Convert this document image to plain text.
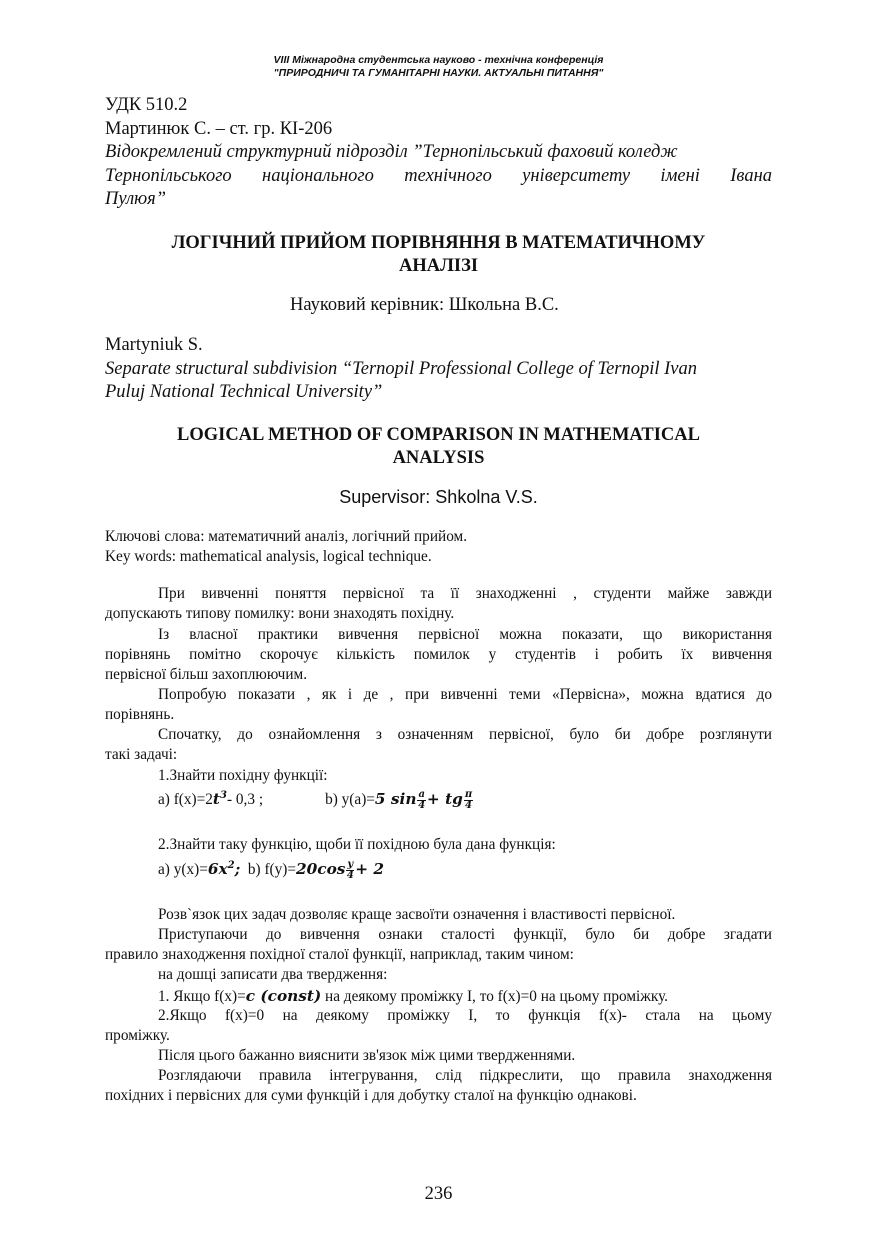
VIII Міжнародна студентська науково - технічна конференція
"ПРИРОДНИЧІ ТА ГУМАНІТАРНІ НАУКИ. АКТУАЛЬНІ ПИТАННЯ"
УДК 510.2
Мартинюк С. – ст. гр. КІ-206
Відокремлений структурний підрозділ ”Тернопільський фаховий коледж
Тернопільського національного технічного університету імені Івана
Пулюя”
ЛОГІЧНИЙ ПРИЙОМ ПОРІВНЯННЯ В МАТЕМАТИЧНОМУ
АНАЛІЗІ
Науковий керівник: Школьна В.С.
Martyniuk S.
Separate structural subdivision “Ternopil Professional College of Ternopil Ivan
Puluj National Technical University”
LOGICAL METHOD OF COMPARISON IN MATHEMATICAL
ANALYSIS
Supervisor: Shkolna V.S.
Ключові слова: математичний аналіз, логічний прийом.
Key words: mathematical analysis, logical technique.
При вивченні поняття первісної та її знаходженні , студенти майже завжди
допускають типову помилку: вони знаходять похідну.
Із власної практики вивчення первісної можна показати, що використання
порівнянь помітно скорочує кількість помилок у студентів і робить їх вивчення
первісної більш захоплюючим.
Попробую показати , як і де , при вивченні теми «Первісна», можна вдатися до
порівнянь.
Спочатку, до ознайомлення з означенням первісної, було би добре розглянути
такі задачі:
1.Знайти похідну функції:
a) $f(x)=2t^3-$ 0,3 ;	b) y(a)=5 $\sin \frac{a}{4}$ + tg $\frac{\pi}{4}$
2.Знайти таку функцію, щоби її похідною була дана функція:
a) $y(x)=6x^2$; b) $f(y)=20\cos \frac{y}{4} + 2$
Розв`язок цих задач дозволяє краще засвоїти означення і властивості первісної.
Приступаючи до вивчення ознаки сталості функції, було би добре згадати
правило знаходження похідної сталої функції, наприклад, таким чином:
на дошці записати два твердження:
1. Якщо f(x)=c (const) на деякому проміжку I, то f(x)=0 на цьому проміжку.
2.Якщо f(x)=0 на деякому проміжку I, то функція f(x)- стала на цьому
проміжку.
Після цього бажанно вияснити зв'язок між цими твердженнями.
Розглядаючи правила інтегрування, слід підкреслити, що правила знаходження
похідних і первісних для суми функцій і для добутку сталої на функцію однакові.
236
